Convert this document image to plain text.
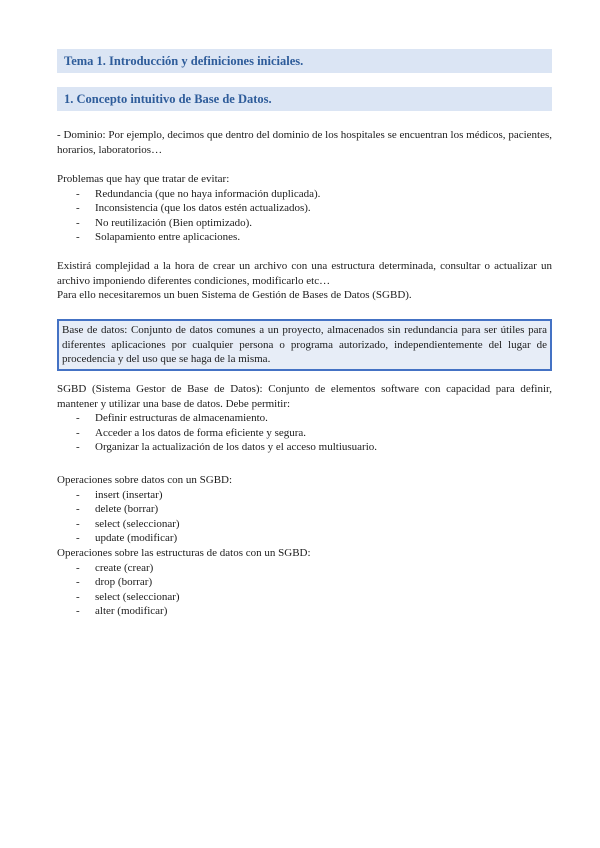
Tema 1. Introducción y definiciones iniciales.
1. Concepto intuitivo de Base de Datos.
- Dominio: Por ejemplo, decimos que dentro del dominio de los hospitales se encuentran los médicos, pacientes, horarios, laboratorios…
Problemas que hay que tratar de evitar:
- Redundancia (que no haya información duplicada).
- Inconsistencia (que los datos estén actualizados).
- No reutilización (Bien optimizado).
- Solapamiento entre aplicaciones.
Existirá complejidad a la hora de crear un archivo con una estructura determinada, consultar o actualizar un archivo imponiendo diferentes condiciones, modificarlo etc…
Para ello necesitaremos un buen Sistema de Gestión de Bases de Datos (SGBD).
Base de datos: Conjunto de datos comunes a un proyecto, almacenados sin redundancia para ser útiles para diferentes aplicaciones por cualquier persona o programa autorizado, independientemente del lugar de procedencia y del uso que se haga de la misma.
SGBD (Sistema Gestor de Base de Datos): Conjunto de elementos software con capacidad para definir, mantener y utilizar una base de datos. Debe permitir:
- Definir estructuras de almacenamiento.
- Acceder a los datos de forma eficiente y segura.
- Organizar la actualización de los datos y el acceso multiusuario.
Operaciones sobre datos con un SGBD:
- insert (insertar)
- delete (borrar)
- select (seleccionar)
- update (modificar)
Operaciones sobre las estructuras de datos con un SGBD:
- create (crear)
- drop (borrar)
- select (seleccionar)
- alter (modificar)
